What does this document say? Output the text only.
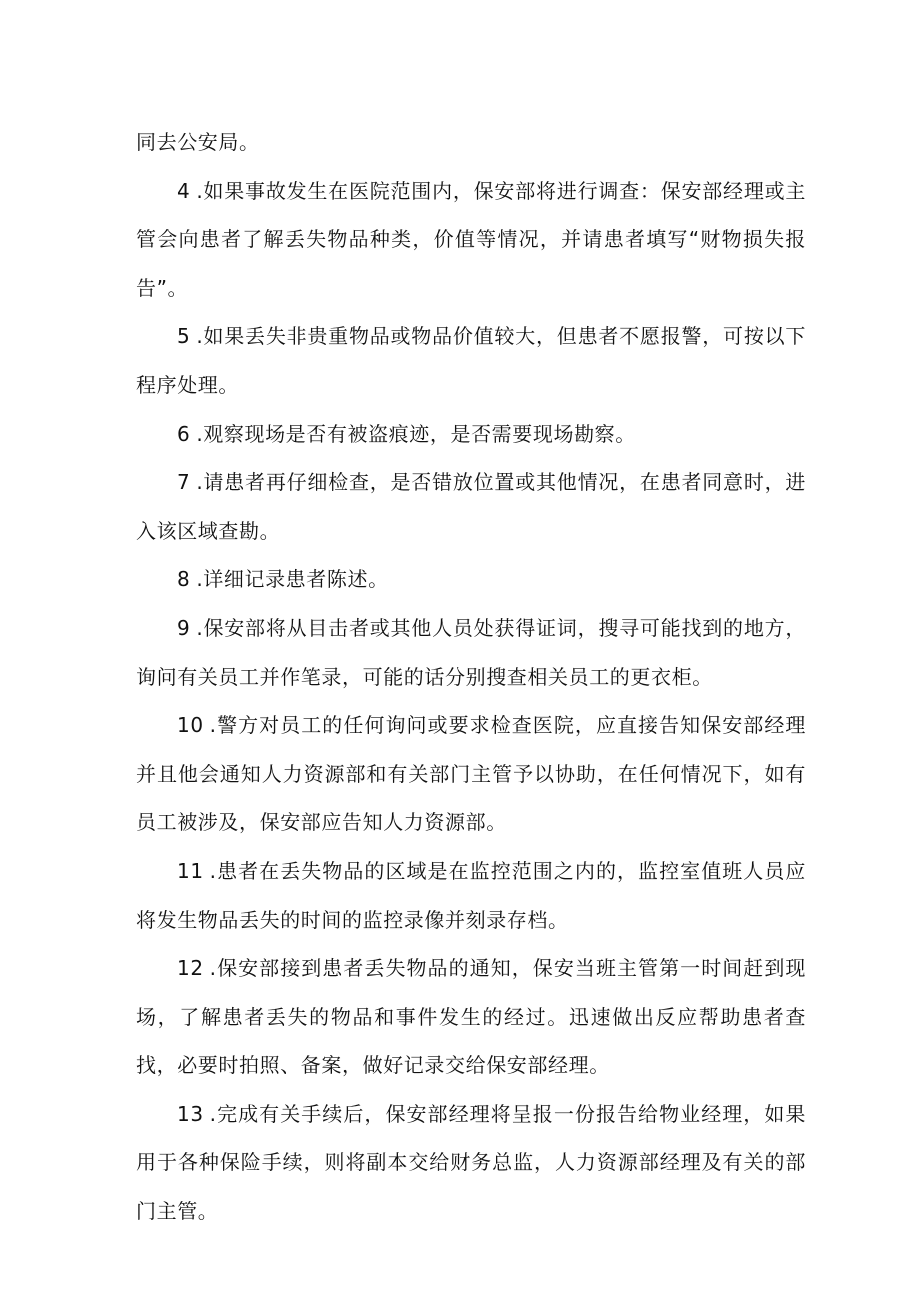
同去公安局。

4 .如果事故发生在医院范围内，保安部将进行调查：保安部经理或主管会向患者了解丢失物品种类，价值等情况，并请患者填写“财物损失报告”。

5 .如果丢失非贵重物品或物品价值较大，但患者不愿报警，可按以下程序处理。

6 .观察现场是否有被盗痕迹，是否需要现场勘察。

7 .请患者再仔细检查，是否错放位置或其他情况，在患者同意时，进入该区域查勘。

8 .详细记录患者陈述。

9 .保安部将从目击者或其他人员处获得证词，搜寻可能找到的地方，询问有关员工并作笔录，可能的话分别搜查相关员工的更衣柜。

10 .警方对员工的任何询问或要求检查医院，应直接告知保安部经理并且他会通知人力资源部和有关部门主管予以协助，在任何情况下，如有员工被涉及，保安部应告知人力资源部。

11 .患者在丢失物品的区域是在监控范围之内的，监控室值班人员应将发生物品丢失的时间的监控录像并刻录存档。

12 .保安部接到患者丢失物品的通知，保安当班主管第一时间赶到现场，了解患者丢失的物品和事件发生的经过。迅速做出反应帮助患者查找，必要时拍照、备案，做好记录交给保安部经理。

13 .完成有关手续后，保安部经理将呈报一份报告给物业经理，如果用于各种保险手续，则将副本交给财务总监，人力资源部经理及有关的部门主管。
